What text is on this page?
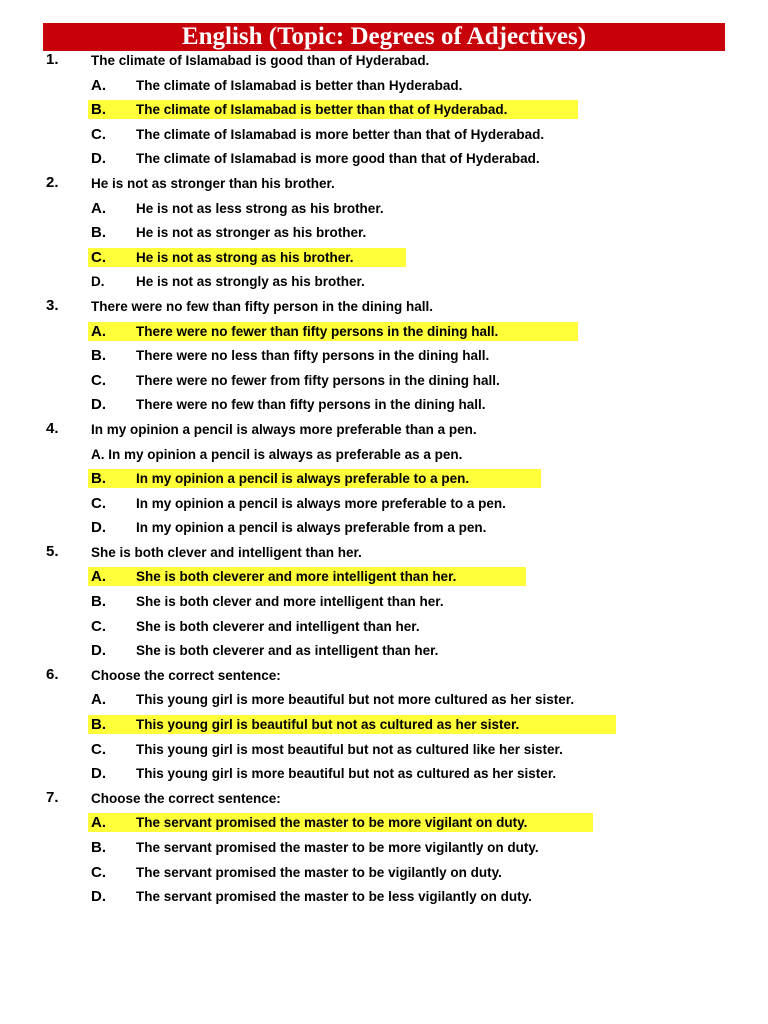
English (Topic: Degrees of Adjectives)
1. The climate of Islamabad is good than of Hyderabad.
A. The climate of Islamabad is better than Hyderabad.
B. The climate of Islamabad is better than that of Hyderabad.
C. The climate of Islamabad is more better than that of Hyderabad.
D. The climate of Islamabad is more good than that of Hyderabad.
2. He is not as stronger than his brother.
A. He is not as less strong as his brother.
B. He is not as stronger as his brother.
C. He is not as strong as his brother.
D. He is not as strongly as his brother.
3. There were no few than fifty person in the dining hall.
A. There were no fewer than fifty persons in the dining hall.
B. There were no less than fifty persons in the dining hall.
C. There were no fewer from fifty persons in the dining hall.
D. There were no few than fifty persons in the dining hall.
4. In my opinion a pencil is always more preferable than a pen.
A. In my opinion a pencil is always as preferable as a pen.
B. In my opinion a pencil is always preferable to a pen.
C. In my opinion a pencil is always more preferable to a pen.
D. In my opinion a pencil is always preferable from a pen.
5. She is both clever and intelligent than her.
A. She is both cleverer and more intelligent than her.
B. She is both clever and more intelligent than her.
C. She is both cleverer and intelligent than her.
D. She is both cleverer and as intelligent than her.
6. Choose the correct sentence:
A. This young girl is more beautiful but not more cultured as her sister.
B. This young girl is beautiful but not as cultured as her sister.
C. This young girl is most beautiful but not as cultured like her sister.
D. This young girl is more beautiful but not as cultured as her sister.
7. Choose the correct sentence:
A. The servant promised the master to be more vigilant on duty.
B. The servant promised the master to be more vigilantly on duty.
C. The servant promised the master to be vigilantly on duty.
D. The servant promised the master to be less vigilantly on duty.
